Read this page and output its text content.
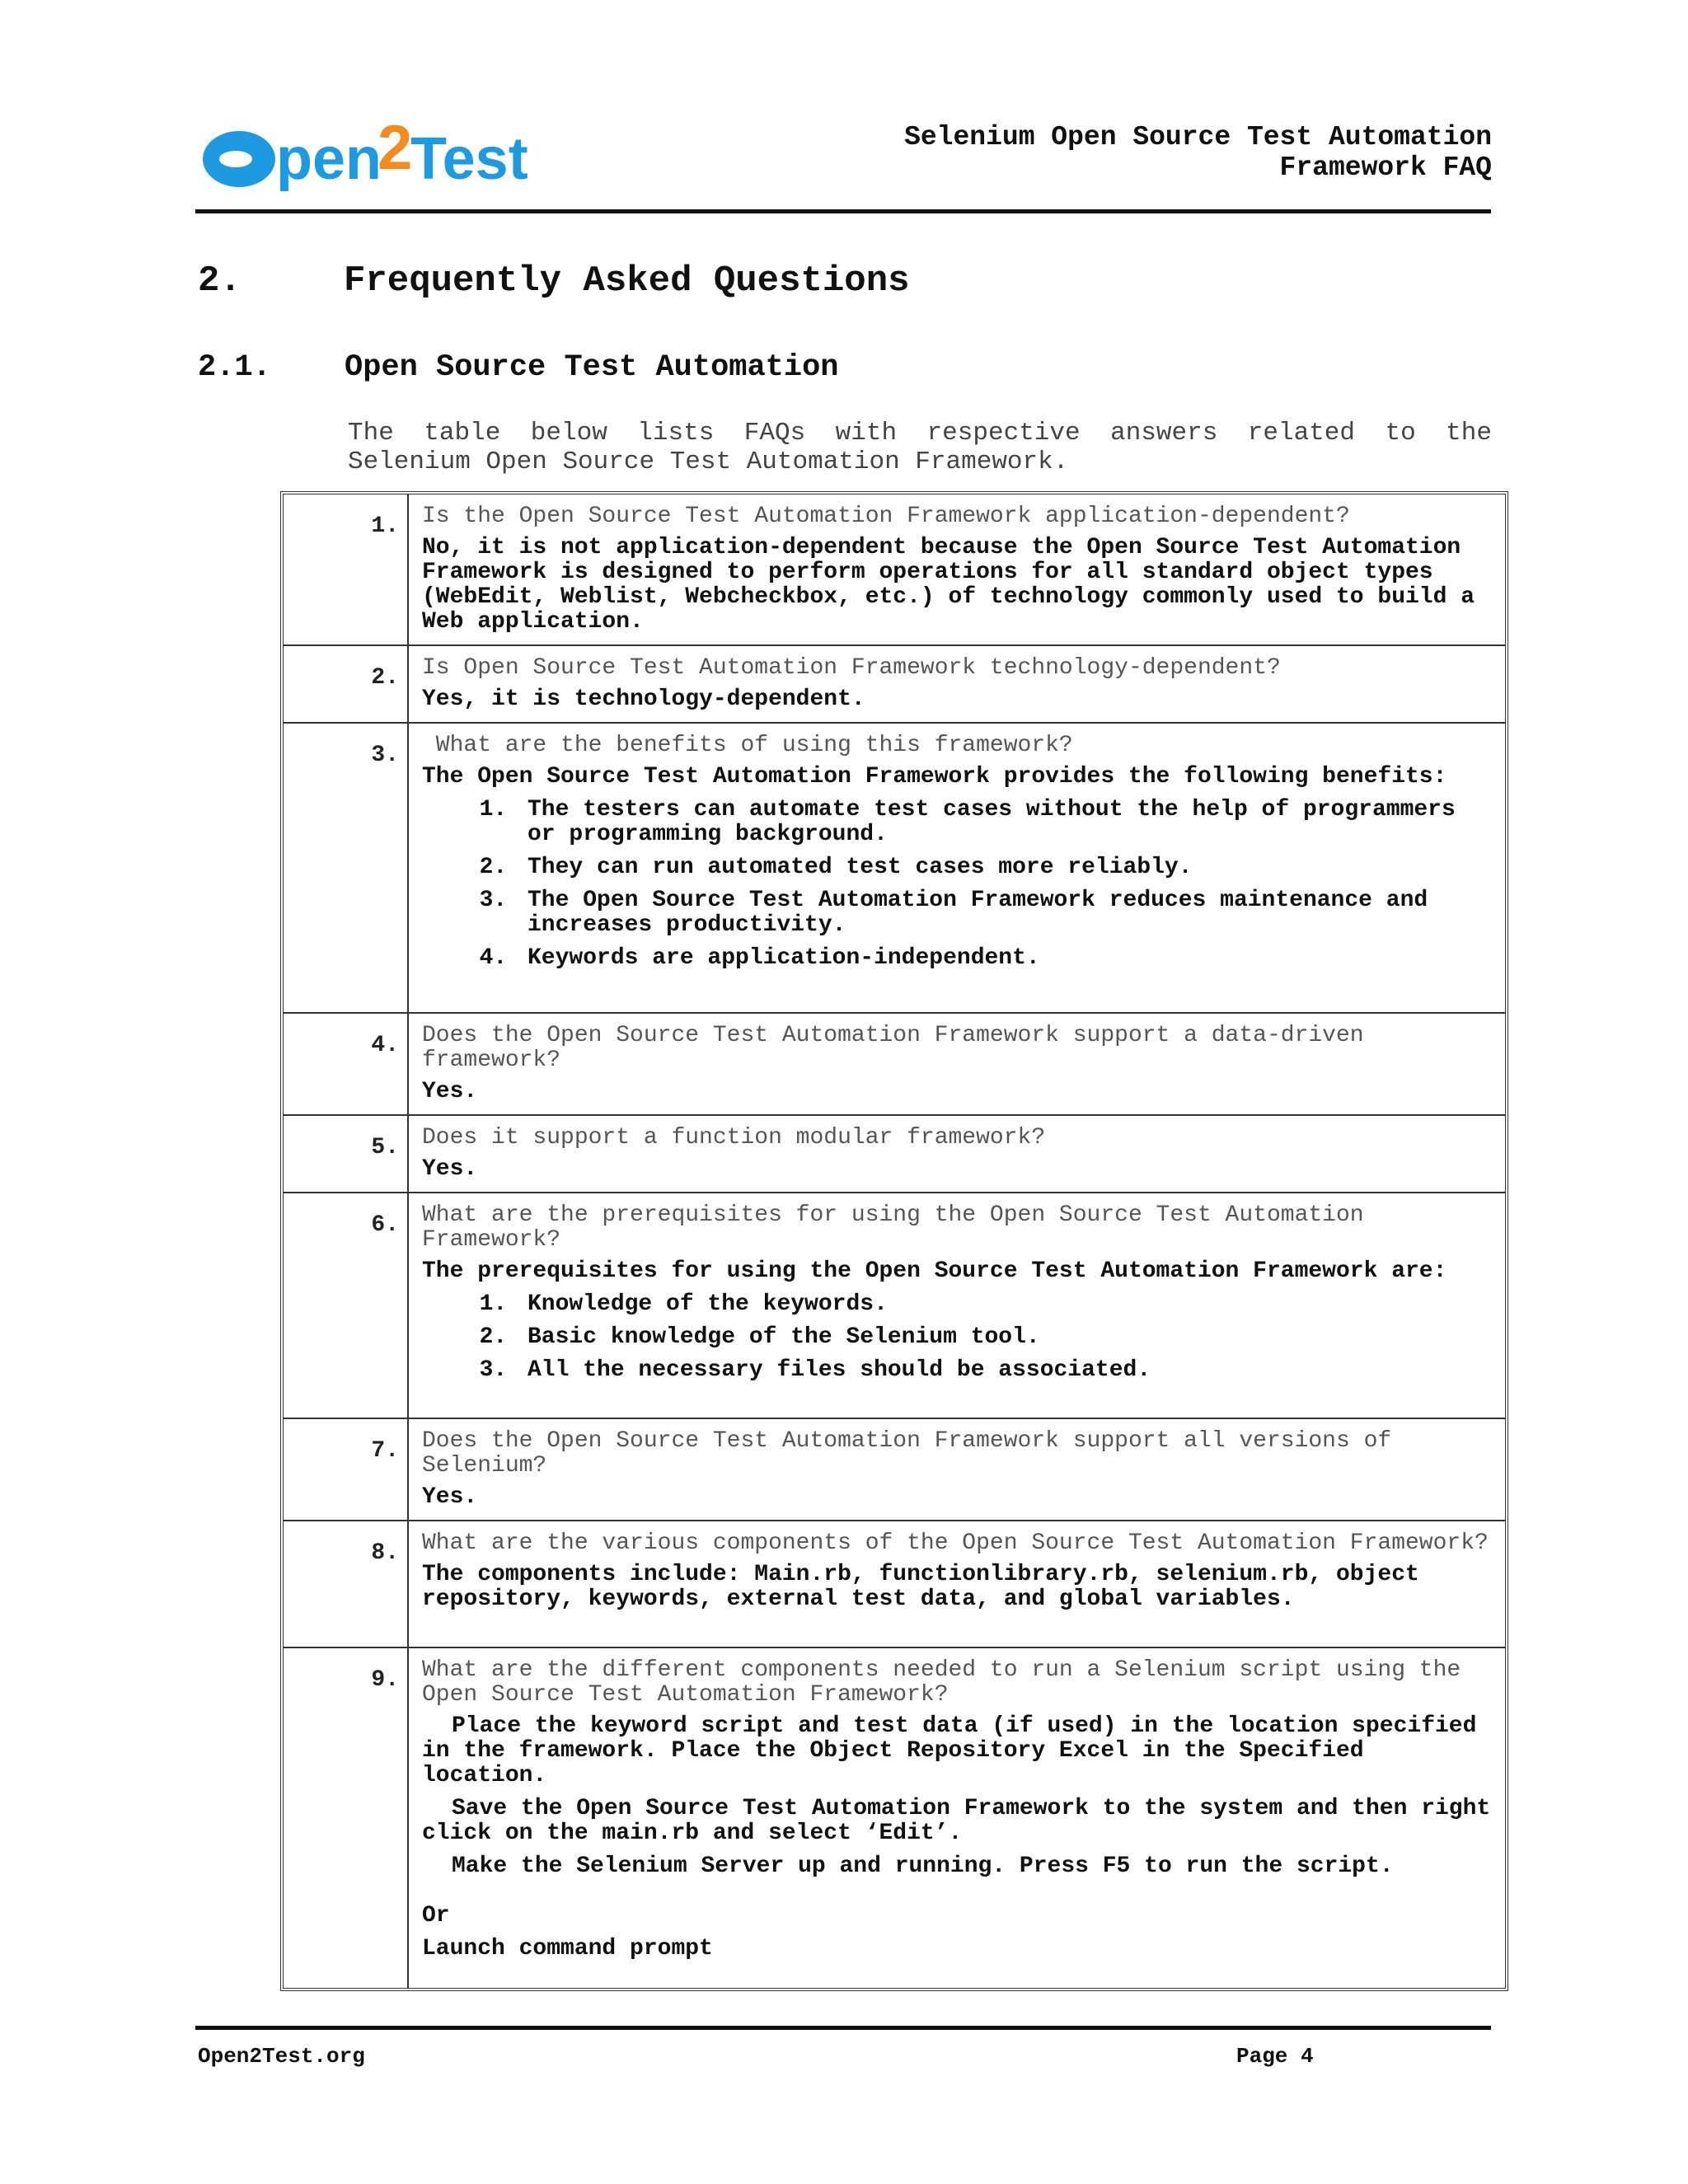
pen
2
Test	Selenium Open Source Test Automation
Framework FAQ
2.	Frequently Asked Questions
2.1. Open Source Test Automation
The table below lists FAQs with respective answers related to the
Selenium Open Source Test Automation Framework.
1.	Is the Open Source Test Automation Framework application-dependent?

No, it is not application-dependent because the Open Source Test Automation Framework is designed to perform operations for all standard object types (WebEdit, Weblist, Webcheckbox, etc.) of technology commonly used to build a Web application.

2.	Is Open Source Test Automation Framework technology-dependent?

Yes, it is technology-dependent.

3.	What are the benefits of using this framework?

The Open Source Test Automation Framework provides the following benefits:

1. The testers can automate test cases without the help of programmers or programming background.
2. They can run automated test cases more reliably.
3. The Open Source Test Automation Framework reduces maintenance and increases productivity.
4. Keywords are application-independent.
4.	Does the Open Source Test Automation Framework support a data-driven framework?

Yes.

5.	Does it support a function modular framework?

Yes.

6.	What are the prerequisites for using the Open Source Test Automation Framework?

The prerequisites for using the Open Source Test Automation Framework are:

1. Knowledge of the keywords.
2. Basic knowledge of the Selenium tool.
3. All the necessary files should be associated.
7.	Does the Open Source Test Automation Framework support all versions of Selenium?

Yes.

8.	What are the various components of the Open Source Test Automation Framework?

The components include: Main.rb, functionlibrary.rb, selenium.rb, object repository, keywords, external test data, and global variables.

9.	What are the different components needed to run a Selenium script using the Open Source Test Automation Framework?

Place the keyword script and test data (if used) in the location specified in the framework. Place the Object Repository Excel in the Specified location.

Save the Open Source Test Automation Framework to the system and then right click on the main.rb and select ‘Edit’.

Make the Selenium Server up and running. Press F5 to run the script.

Or

Launch command prompt

Open2Test.org	Page 4
